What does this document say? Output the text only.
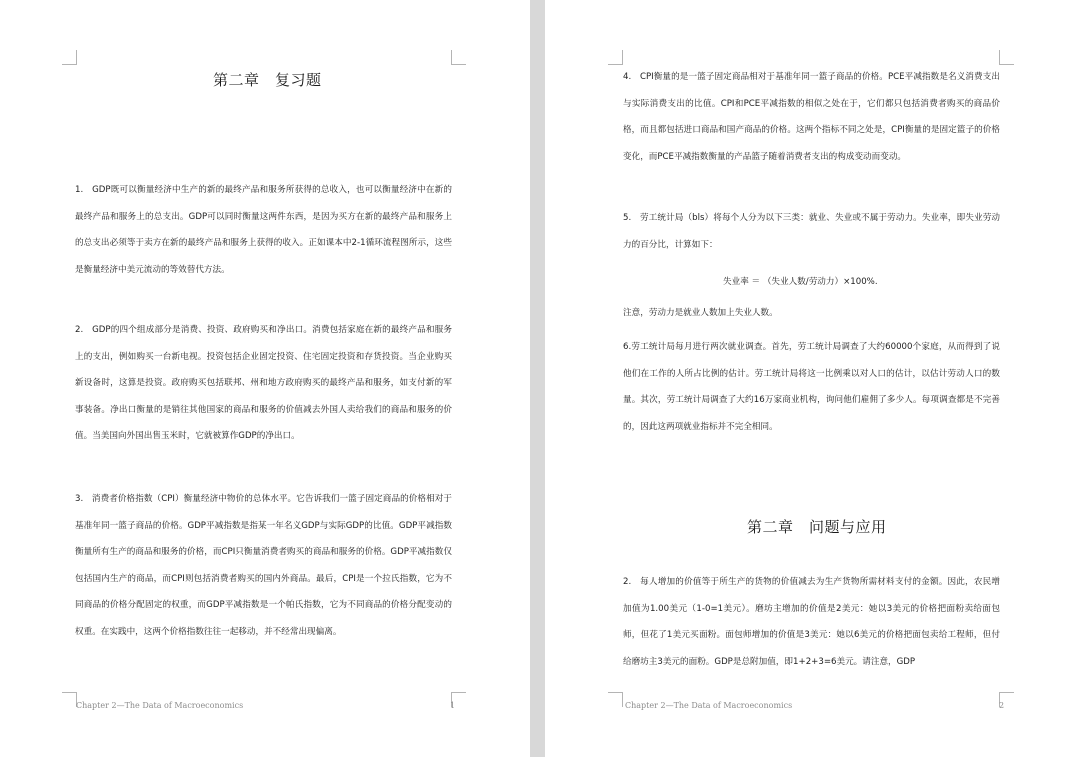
第二章　复习题

1.　GDP既可以衡量经济中生产的新的最终产品和服务所获得的总收入，也可以衡量经济中在新的最终产品和服务上的总支出。GDP可以同时衡量这两件东西，是因为买方在新的最终产品和服务上的总支出必须等于卖方在新的最终产品和服务上获得的收入。正如课本中2-1循环流程图所示，这些是衡量经济中美元流动的等效替代方法。

2.　GDP的四个组成部分是消费、投资、政府购买和净出口。消费包括家庭在新的最终产品和服务上的支出，例如购买一台新电视。投资包括企业固定投资、住宅固定投资和存货投资。当企业购买新设备时，这算是投资。政府购买包括联邦、州和地方政府购买的最终产品和服务，如支付新的军事装备。净出口衡量的是销往其他国家的商品和服务的价值减去外国人卖给我们的商品和服务的价值。当美国向外国出售玉米时，它就被算作GDP的净出口。

3.　消费者价格指数（CPI）衡量经济中物价的总体水平。它告诉我们一篮子固定商品的价格相对于基准年同一篮子商品的价格。GDP平减指数是指某一年名义GDP与实际GDP的比值。GDP平减指数衡量所有生产的商品和服务的价格，而CPI只衡量消费者购买的商品和服务的价格。GDP平减指数仅包括国内生产的商品，而CPI则包括消费者购买的国内外商品。最后，CPI是一个拉氏指数，它为不同商品的价格分配固定的权重，而GDP平减指数是一个帕氏指数，它为不同商品的价格分配变动的权重。在实践中，这两个价格指数往往一起移动，并不经常出现偏离。

Chapter 2—The Data of Macroeconomics	1

4.　CPI衡量的是一篮子固定商品相对于基准年同一篮子商品的价格。PCE平减指数是名义消费支出与实际消费支出的比值。CPI和PCE平减指数的相似之处在于，它们都只包括消费者购买的商品价格，而且都包括进口商品和国产商品的价格。这两个指标不同之处是，CPI衡量的是固定篮子的价格变化，而PCE平减指数衡量的产品篮子随着消费者支出的构成变动而变动。

5.　劳工统计局（bls）将每个人分为以下三类：就业、失业或不属于劳动力。失业率，即失业劳动力的百分比，计算如下：

失业率 ＝ （失业人数/劳动力）×100%.

注意，劳动力是就业人数加上失业人数。

6.劳工统计局每月进行两次就业调查。首先，劳工统计局调查了大约60000个家庭，从而得到了说他们在工作的人所占比例的估计。劳工统计局将这一比例乘以对人口的估计，以估计劳动人口的数量。其次，劳工统计局调查了大约16万家商业机构，询问他们雇佣了多少人。每项调查都是不完善的，因此这两项就业指标并不完全相同。

第二章　问题与应用

2.　每人增加的价值等于所生产的货物的价值减去为生产货物所需材料支付的金额。因此，农民增加值为1.00美元（1-0=1美元）。磨坊主增加的价值是2美元：她以3美元的价格把面粉卖给面包师，但花了1美元买面粉。面包师增加的价值是3美元：她以6美元的价格把面包卖给工程师，但付给磨坊主3美元的面粉。GDP是总附加值，即1+2+3=6美元。请注意，GDP

Chapter 2—The Data of Macroeconomics	2
